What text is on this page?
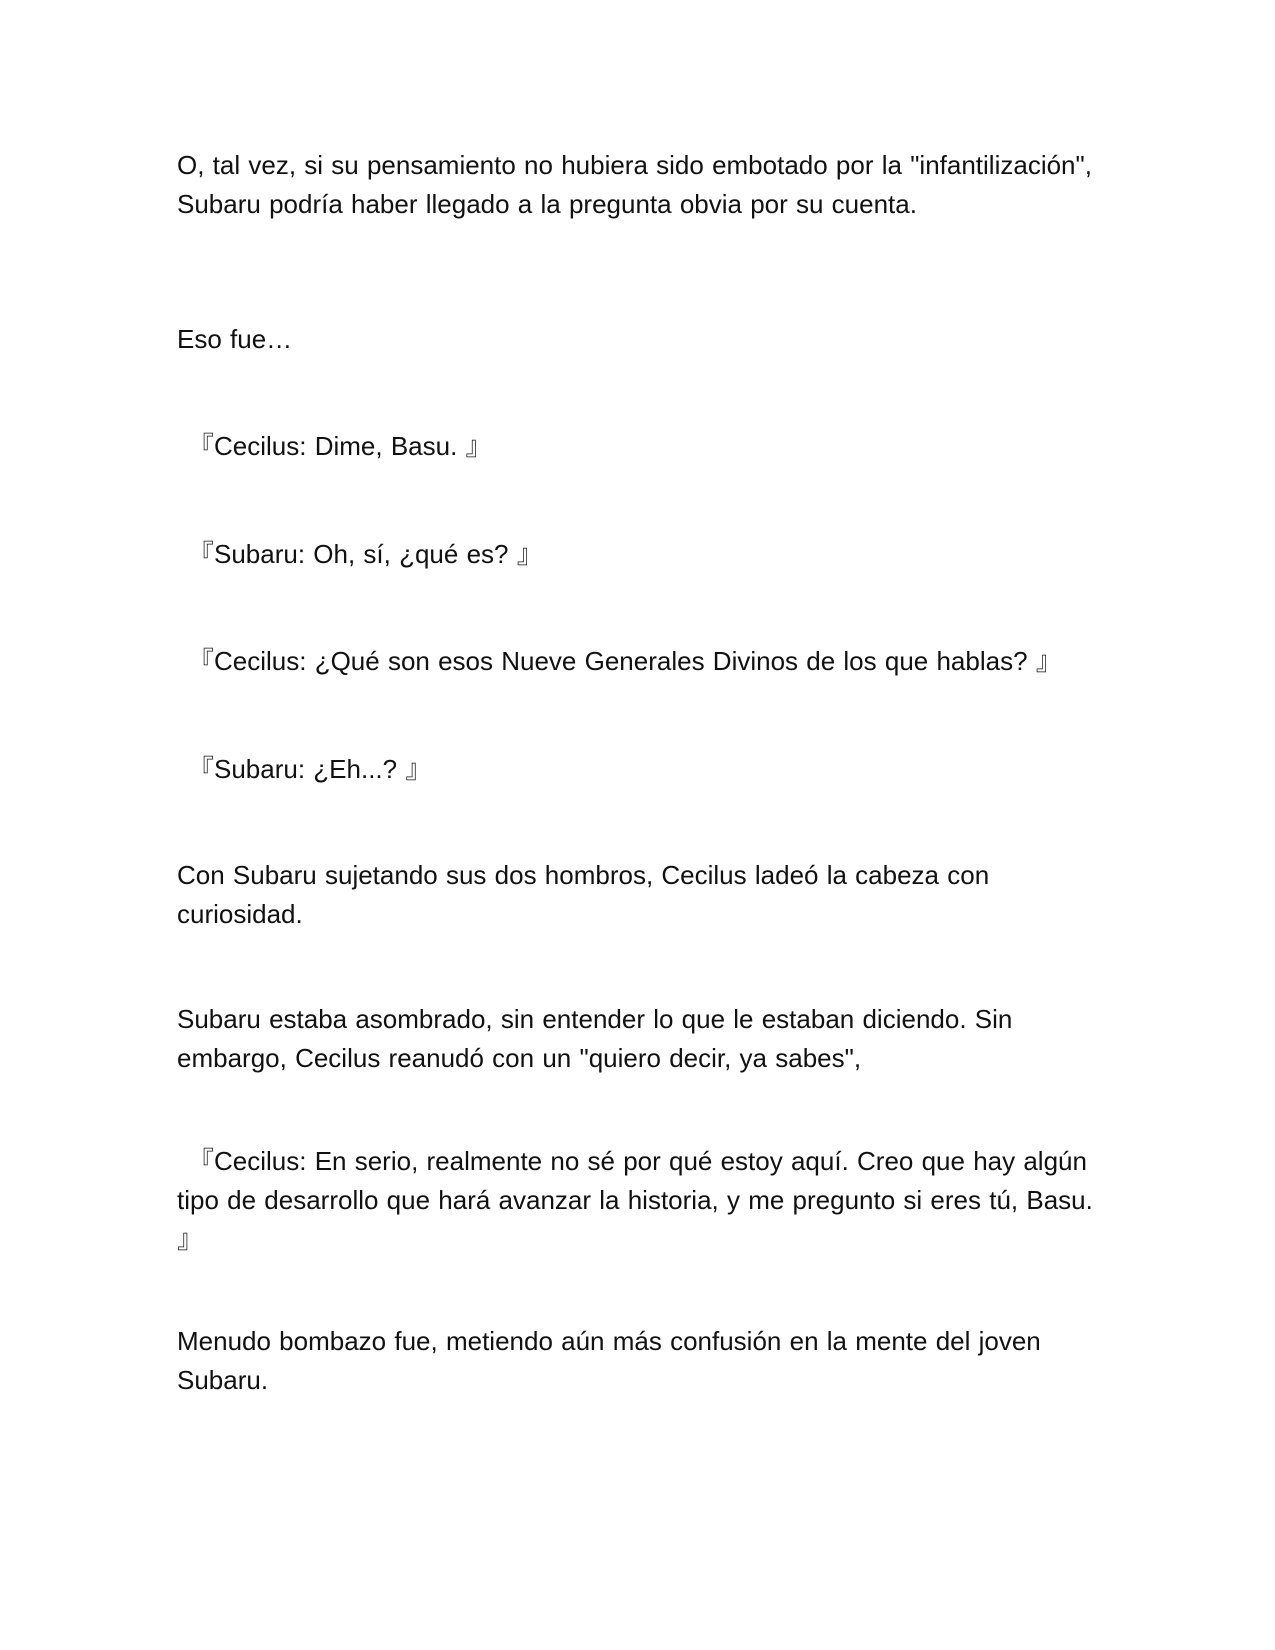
O, tal vez, si su pensamiento no hubiera sido embotado por la "infantilización", Subaru podría haber llegado a la pregunta obvia por su cuenta.

Eso fue…

『Cecilus: Dime, Basu. 』

『Subaru: Oh, sí, ¿qué es? 』

『Cecilus: ¿Qué son esos Nueve Generales Divinos de los que hablas? 』

『Subaru: ¿Eh...? 』

Con Subaru sujetando sus dos hombros, Cecilus ladeó la cabeza con curiosidad.

Subaru estaba asombrado, sin entender lo que le estaban diciendo. Sin embargo, Cecilus reanudó con un "quiero decir, ya sabes",

『Cecilus: En serio, realmente no sé por qué estoy aquí. Creo que hay algún tipo de desarrollo que hará avanzar la historia, y me pregunto si eres tú, Basu. 』

Menudo bombazo fue, metiendo aún más confusión en la mente del joven Subaru.
